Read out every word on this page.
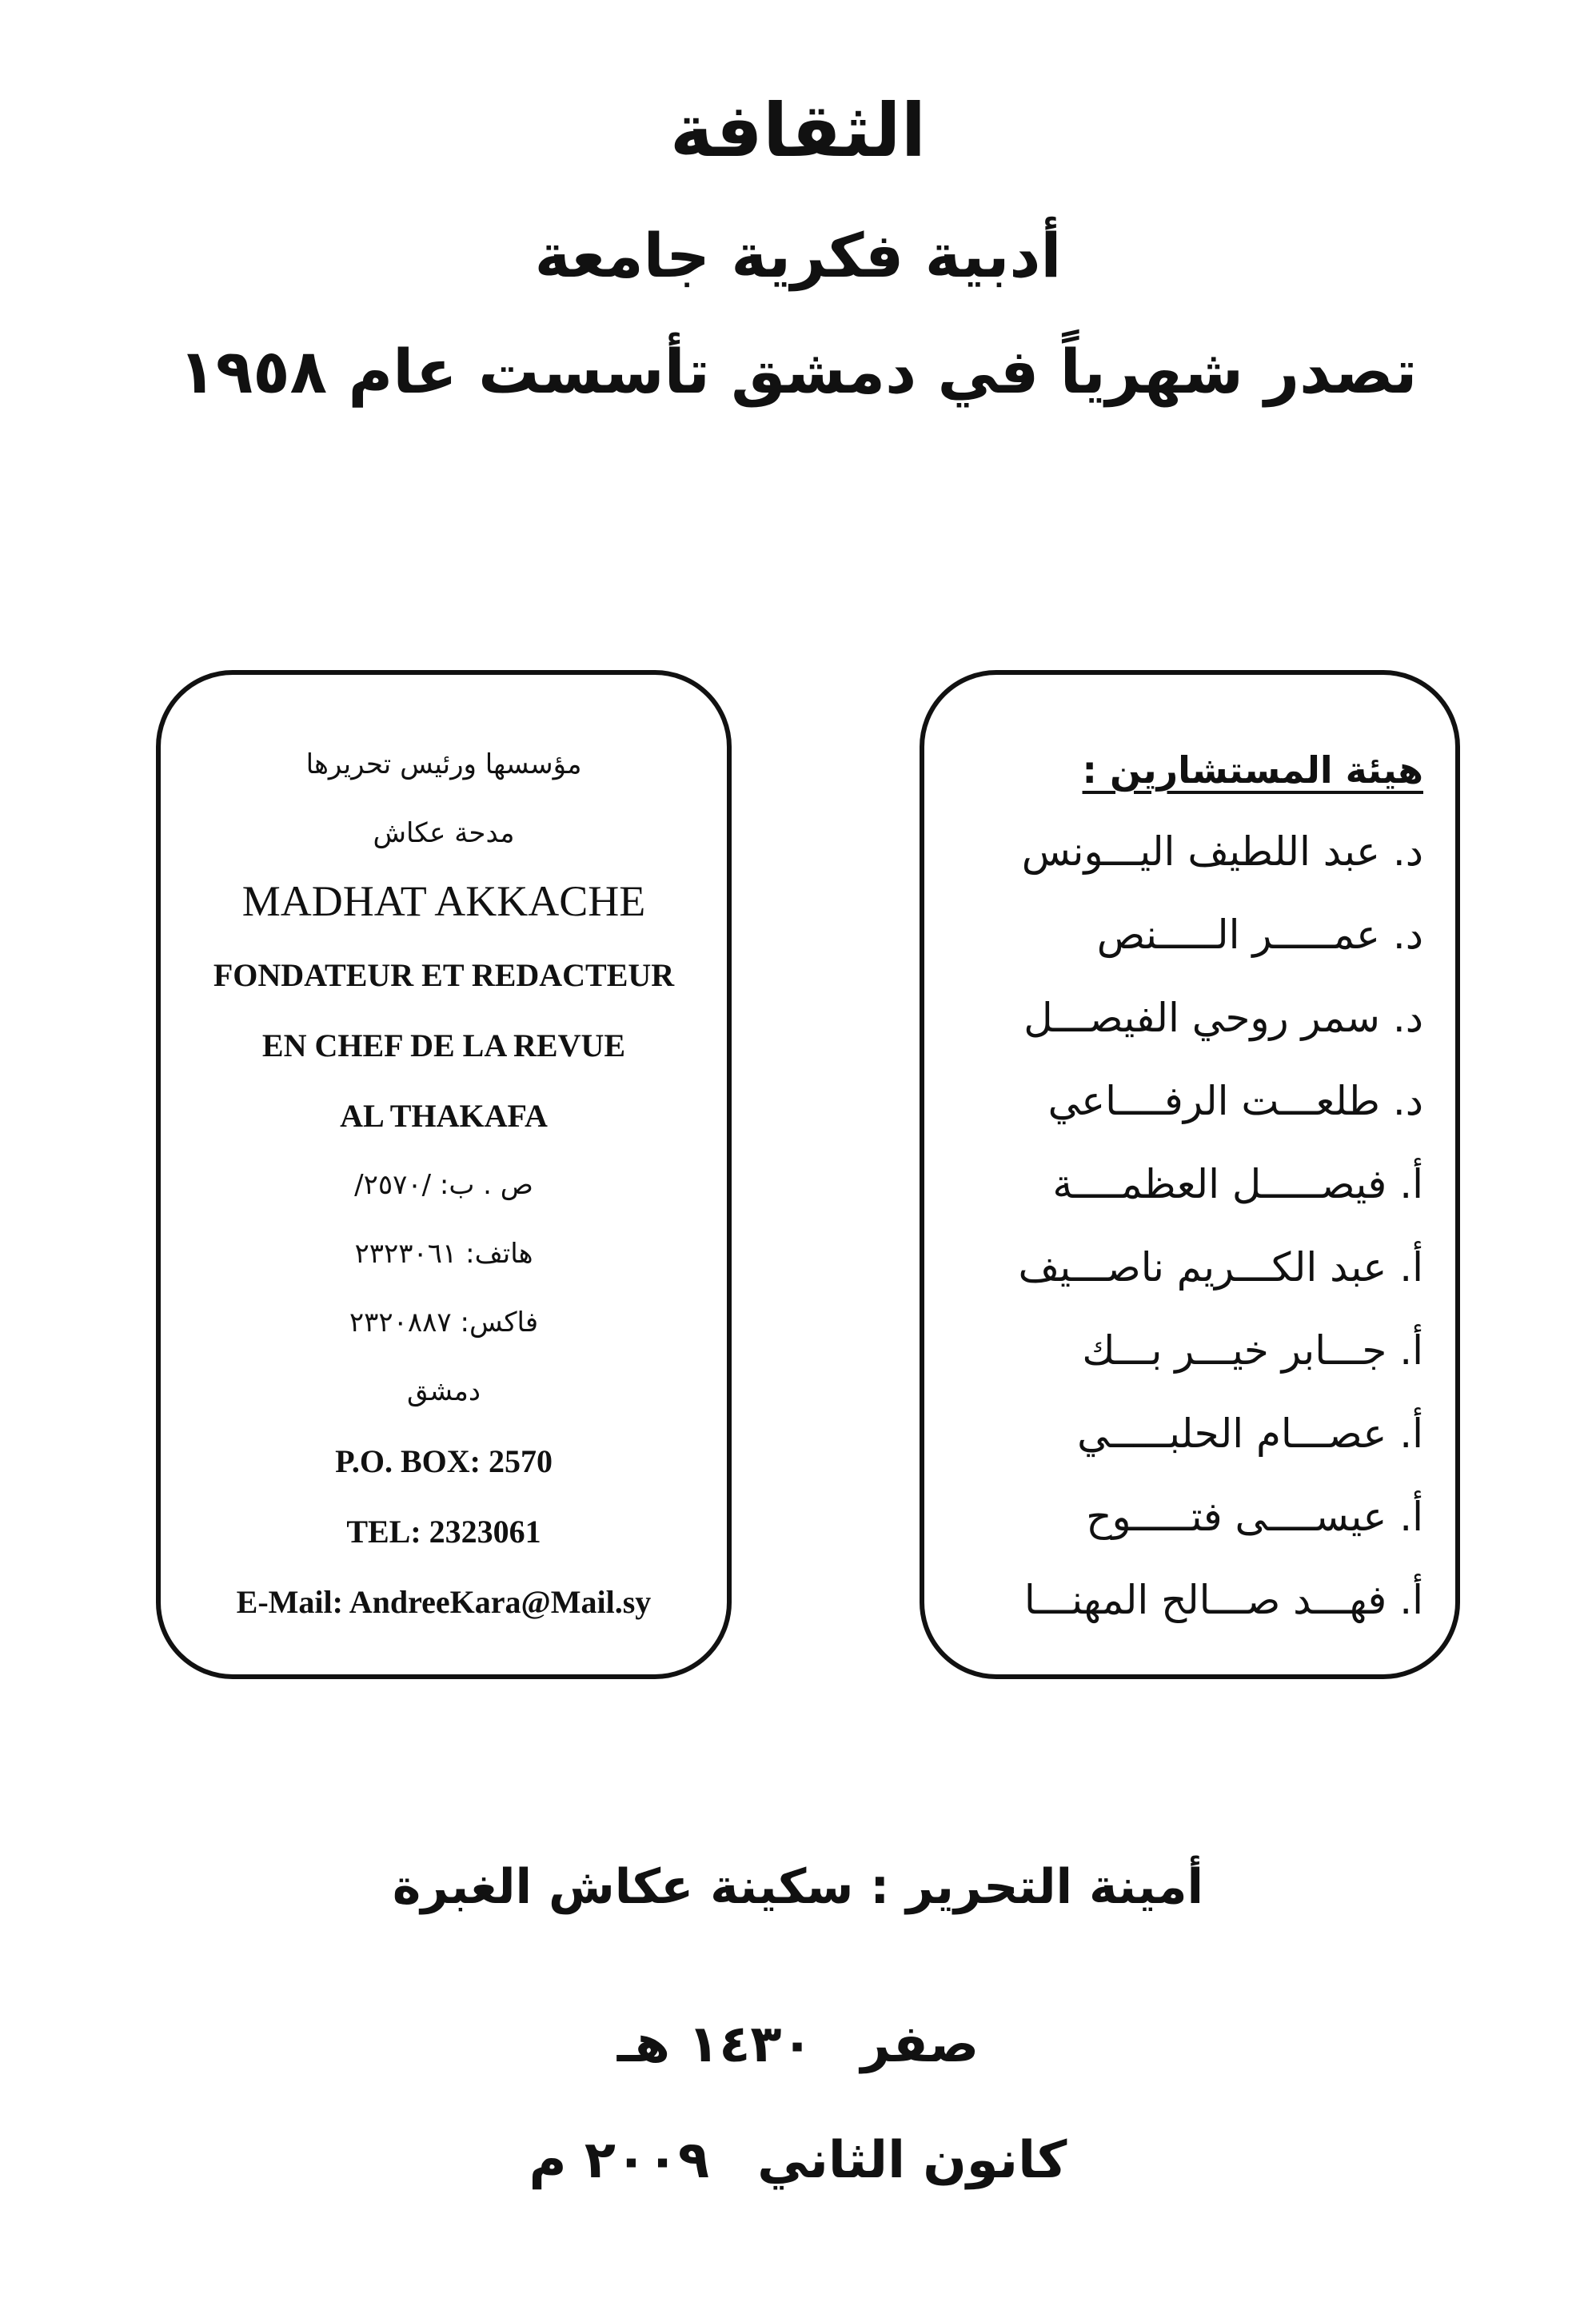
الثقافة
أدبية فكرية جامعة
تصدر شهرياً في دمشق تأسست عام ١٩٥٨
مؤسسها ورئيس تحريرها
مدحة عكاش
MADHAT AKKACHE
FONDATEUR ET REDACTEUR
EN CHEF DE LA REVUE
AL THAKAFA
ص . ب: /٢٥٧٠/
هاتف: ٢٣٢٣٠٦١
فاكس: ٢٣٢٠٨٨٧
دمشق
P.O. BOX: 2570
TEL: 2323061
E-Mail: AndreeKara@Mail.sy
هيئة المستشارين :
د. عبد اللطيف اليـــونس
د. عمـــــر الـــــنص
د. سمر روحي الفيصـــل
د. طلعـــت الرفــــاعي
أ. فيصـــــل العظمــــة
أ. عبد الكـــريم ناصـــيف
أ. جـــابر خيـــر بـــك
أ. عصـــام الحلبـــــي
أ. عيســــى فتـــــوح
أ. فهـــد صـــالح المهنـــا
أمينة التحرير : سكينة عكاش الغبرة
صفر١٤٣٠ هـ
كانون الثاني٢٠٠٩ م
